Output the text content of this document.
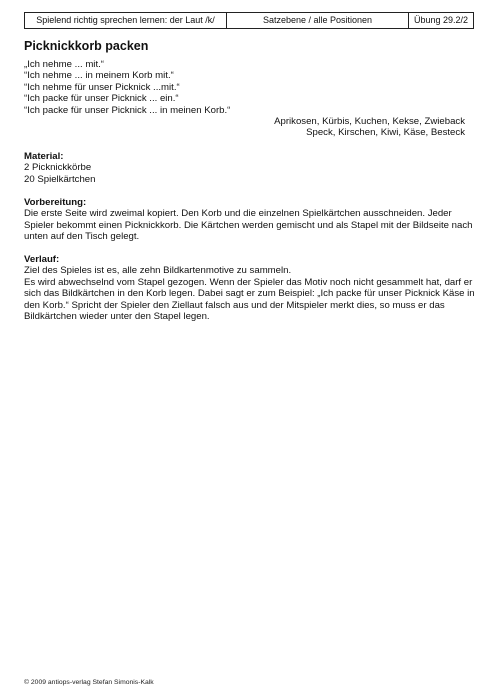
Spielend richtig sprechen lernen: der Laut /k/	Satzebene / alle Positionen	Übung 29.2/2
Picknickkorb packen
„Ich nehme ... mit.“
“Ich nehme ... in meinem Korb mit.“
“Ich nehme für unser Picknick ...mit.“
“Ich packe für unser Picknick ... ein.“
“Ich packe für unser Picknick ... in meinen Korb.“
Aprikosen, Kürbis, Kuchen, Kekse, Zwieback
Speck, Kirschen, Kiwi, Käse, Besteck
Material:

2 Picknickkörbe

20 Spielkärtchen

Vorbereitung:

Die erste Seite wird zweimal kopiert. Den Korb und die einzelnen Spielkärtchen ausschneiden. Jeder Spieler bekommt einen Picknickkorb. Die Kärtchen werden gemischt und als Stapel mit der Bildseite nach unten auf den Tisch gelegt.

Verlauf:

Ziel des Spieles ist es, alle zehn Bildkartenmotive zu sammeln.

Es wird abwechselnd vom Stapel gezogen. Wenn der Spieler das Motiv noch nicht gesammelt hat, darf er sich das Bildkärtchen in den Korb legen. Dabei sagt er zum Beispiel: „Ich packe für unser Picknick Käse in den Korb.“ Spricht der Spieler den Ziellaut falsch aus und der Mitspieler merkt dies, so muss er das Bildkärtchen wieder unter den Stapel legen.

© 2009 antiops-verlag Stefan Simonis-Kalk
